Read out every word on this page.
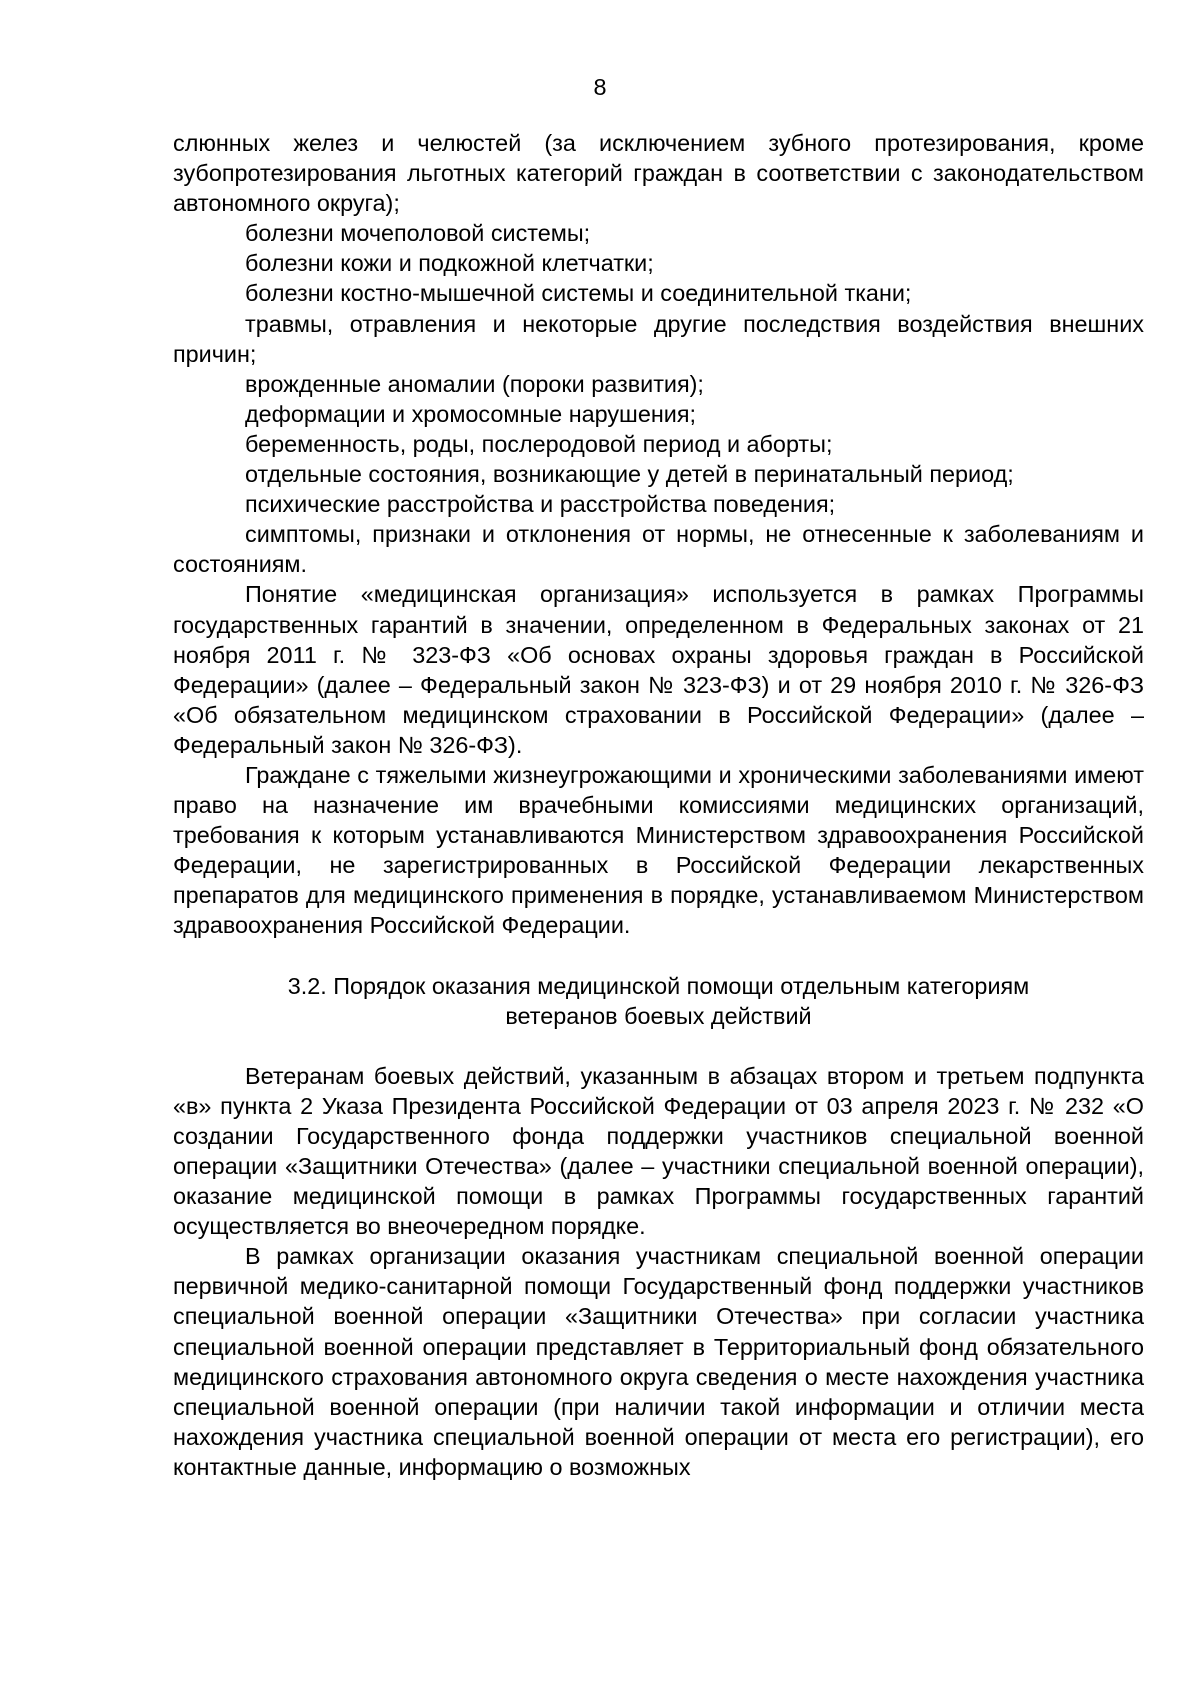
8

слюнных желез и челюстей (за исключением зубного протезирования, кроме зубопротезирования льготных категорий граждан в соответствии с законодательством автономного округа);

болезни мочеполовой системы;

болезни кожи и подкожной клетчатки;

болезни костно-мышечной системы и соединительной ткани;

травмы, отравления и некоторые другие последствия воздействия внешних причин;

врожденные аномалии (пороки развития);

деформации и хромосомные нарушения;

беременность, роды, послеродовой период и аборты;

отдельные состояния, возникающие у детей в перинатальный период;

психические расстройства и расстройства поведения;

симптомы, признаки и отклонения от нормы, не отнесенные к заболеваниям и состояниям.

Понятие «медицинская организация» используется в рамках Программы государственных гарантий в значении, определенном в Федеральных законах от 21 ноября 2011 г. № 323-ФЗ «Об основах охраны здоровья граждан в Российской Федерации» (далее – Федеральный закон № 323-ФЗ) и от 29 ноября 2010 г. № 326-ФЗ «Об обязательном медицинском страховании в Российской Федерации» (далее – Федеральный закон № 326-ФЗ).

Граждане с тяжелыми жизнеугрожающими и хроническими заболеваниями имеют право на назначение им врачебными комиссиями медицинских организаций, требования к которым устанавливаются Министерством здравоохранения Российской Федерации, не зарегистрированных в Российской Федерации лекарственных препаратов для медицинского применения в порядке, устанавливаемом Министерством здравоохранения Российской Федерации.

3.2. Порядок оказания медицинской помощи отдельным категориям

ветеранов боевых действий

Ветеранам боевых действий, указанным в абзацах втором и третьем подпункта «в» пункта 2 Указа Президента Российской Федерации от 03 апреля 2023 г. № 232 «О создании Государственного фонда поддержки участников специальной военной операции «Защитники Отечества» (далее – участники специальной военной операции), оказание медицинской помощи в рамках Программы государственных гарантий осуществляется во внеочередном порядке.

В рамках организации оказания участникам специальной военной операции первичной медико-санитарной помощи Государственный фонд поддержки участников специальной военной операции «Защитники Отечества» при согласии участника специальной военной операции представляет в Территориальный фонд обязательного медицинского страхования автономного округа сведения о месте нахождения участника специальной военной операции (при наличии такой информации и отличии места нахождения участника специальной военной операции от места его регистрации), его контактные данные, информацию о возможных
